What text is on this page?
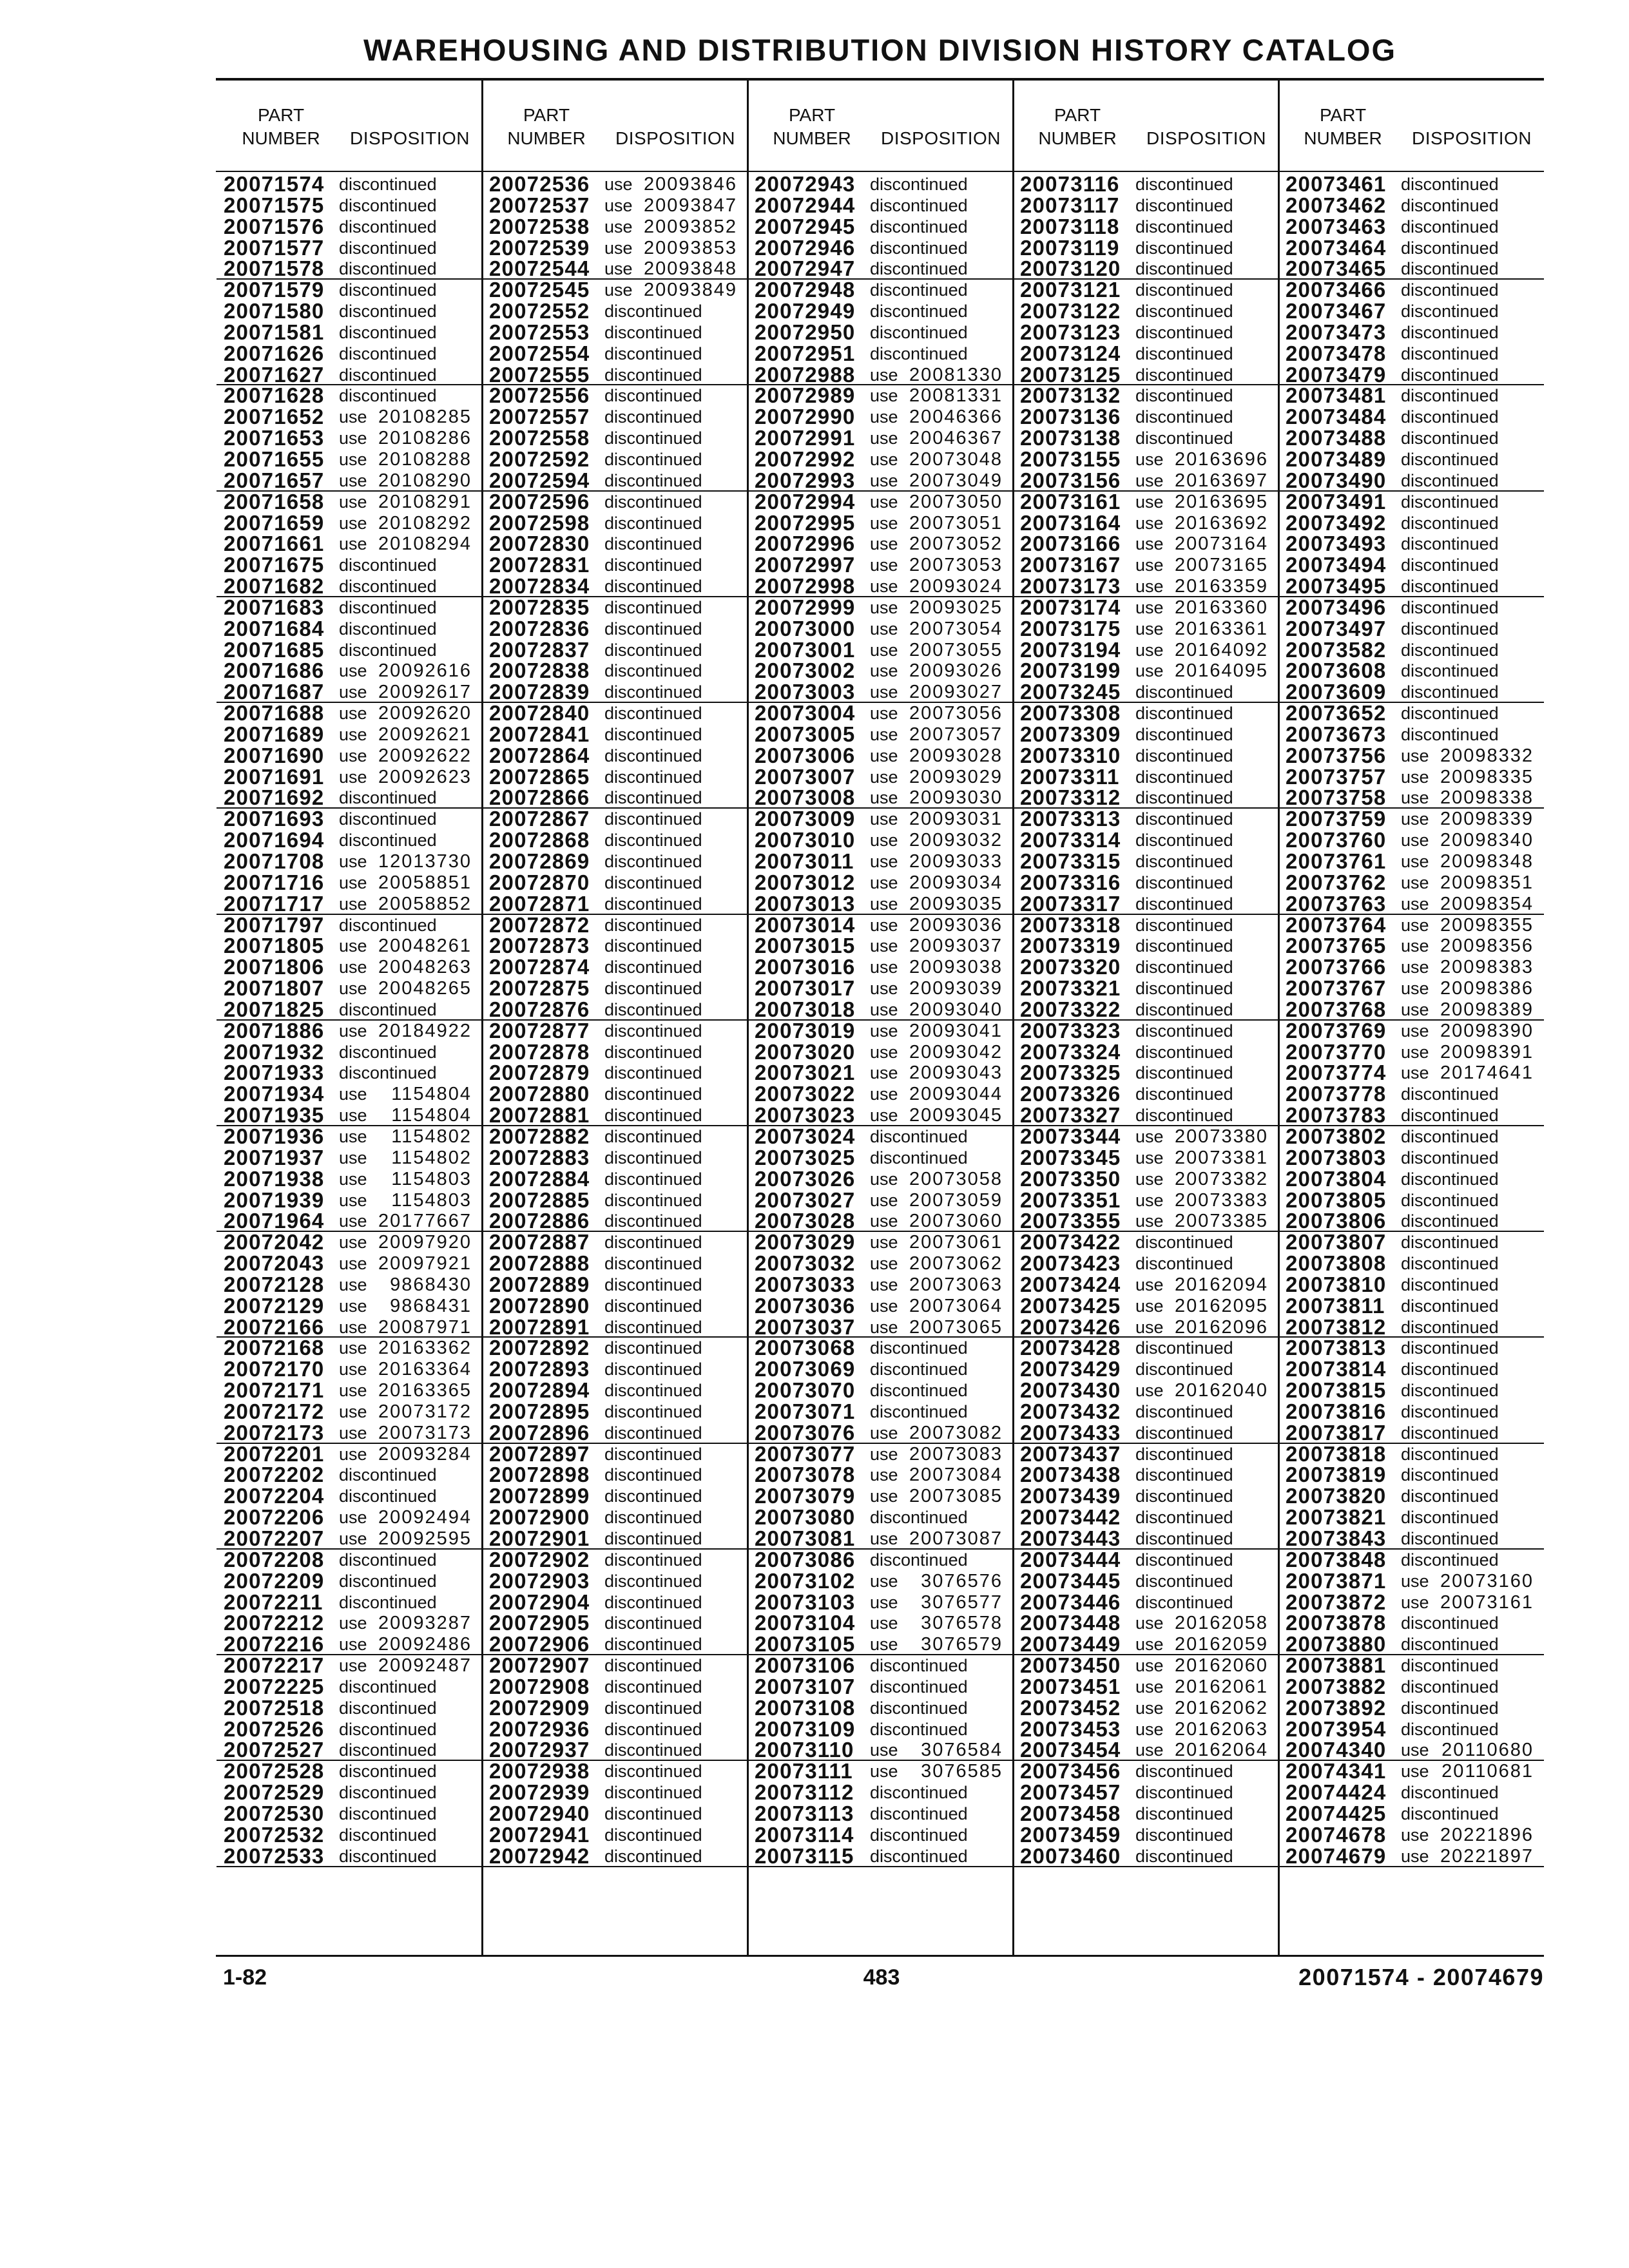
WAREHOUSING AND DISTRIBUTION DIVISION HISTORY CATALOG
PART
NUMBER	DISPOSITION
20071574 discontinued
20071575 discontinued
20071576 discontinued
20071577 discontinued
20071578 discontinued
20071579 discontinued
20071580 discontinued
20071581 discontinued
20071626 discontinued
20071627 discontinued
20071628 discontinued
20071652 use 20108285
20071653 use 20108286
20071655 use 20108288
20071657 use 20108290
20071658 use 20108291
20071659 use 20108292
20071661 use 20108294
20071675 discontinued
20071682 discontinued
20071683 discontinued
20071684 discontinued
20071685 discontinued
20071686 use 20092616
20071687 use 20092617
20071688 use 20092620
20071689 use 20092621
20071690 use 20092622
20071691 use 20092623
20071692 discontinued
20071693 discontinued
20071694 discontinued
20071708 use 12013730
20071716 use 20058851
20071717 use 20058852
20071797 discontinued
20071805 use 20048261
20071806 use 20048263
20071807 use 20048265
20071825 discontinued
20071886 use 20184922
20071932 discontinued
20071933 discontinued
20071934 use 1154804
20071935 use 1154804
20071936 use 1154802
20071937 use 1154802
20071938 use 1154803
20071939 use 1154803
20071964 use 20177667
20072042 use 20097920
20072043 use 20097921
20072128 use 9868430
20072129 use 9868431
20072166 use 20087971
20072168 use 20163362
20072170 use 20163364
20072171 use 20163365
20072172 use 20073172
20072173 use 20073173
20072201 use 20093284
20072202 discontinued
20072204 discontinued
20072206 use 20092494
20072207 use 20092595
20072208 discontinued
20072209 discontinued
20072211 discontinued
20072212 use 20093287
20072216 use 20092486
20072217 use 20092487
20072225 discontinued
20072518 discontinued
20072526 discontinued
20072527 discontinued
20072528 discontinued
20072529 discontinued
20072530 discontinued
20072532 discontinued
20072533 discontinued
PART
NUMBER	DISPOSITION
20072536 use 20093846
20072537 use 20093847
20072538 use 20093852
20072539 use 20093853
20072544 use 20093848
20072545 use 20093849
20072552 discontinued
20072553 discontinued
20072554 discontinued
20072555 discontinued
20072556 discontinued
20072557 discontinued
20072558 discontinued
20072592 discontinued
20072594 discontinued
20072596 discontinued
20072598 discontinued
20072830 discontinued
20072831 discontinued
20072834 discontinued
20072835 discontinued
20072836 discontinued
20072837 discontinued
20072838 discontinued
20072839 discontinued
20072840 discontinued
20072841 discontinued
20072864 discontinued
20072865 discontinued
20072866 discontinued
20072867 discontinued
20072868 discontinued
20072869 discontinued
20072870 discontinued
20072871 discontinued
20072872 discontinued
20072873 discontinued
20072874 discontinued
20072875 discontinued
20072876 discontinued
20072877 discontinued
20072878 discontinued
20072879 discontinued
20072880 discontinued
20072881 discontinued
20072882 discontinued
20072883 discontinued
20072884 discontinued
20072885 discontinued
20072886 discontinued
20072887 discontinued
20072888 discontinued
20072889 discontinued
20072890 discontinued
20072891 discontinued
20072892 discontinued
20072893 discontinued
20072894 discontinued
20072895 discontinued
20072896 discontinued
20072897 discontinued
20072898 discontinued
20072899 discontinued
20072900 discontinued
20072901 discontinued
20072902 discontinued
20072903 discontinued
20072904 discontinued
20072905 discontinued
20072906 discontinued
20072907 discontinued
20072908 discontinued
20072909 discontinued
20072936 discontinued
20072937 discontinued
20072938 discontinued
20072939 discontinued
20072940 discontinued
20072941 discontinued
20072942 discontinued
PART
NUMBER	DISPOSITION
20072943 discontinued
20072944 discontinued
20072945 discontinued
20072946 discontinued
20072947 discontinued
20072948 discontinued
20072949 discontinued
20072950 discontinued
20072951 discontinued
20072988 use 20081330
20072989 use 20081331
20072990 use 20046366
20072991 use 20046367
20072992 use 20073048
20072993 use 20073049
20072994 use 20073050
20072995 use 20073051
20072996 use 20073052
20072997 use 20073053
20072998 use 20093024
20072999 use 20093025
20073000 use 20073054
20073001 use 20073055
20073002 use 20093026
20073003 use 20093027
20073004 use 20073056
20073005 use 20073057
20073006 use 20093028
20073007 use 20093029
20073008 use 20093030
20073009 use 20093031
20073010 use 20093032
20073011 use 20093033
20073012 use 20093034
20073013 use 20093035
20073014 use 20093036
20073015 use 20093037
20073016 use 20093038
20073017 use 20093039
20073018 use 20093040
20073019 use 20093041
20073020 use 20093042
20073021 use 20093043
20073022 use 20093044
20073023 use 20093045
20073024 discontinued
20073025 discontinued
20073026 use 20073058
20073027 use 20073059
20073028 use 20073060
20073029 use 20073061
20073032 use 20073062
20073033 use 20073063
20073036 use 20073064
20073037 use 20073065
20073068 discontinued
20073069 discontinued
20073070 discontinued
20073071 discontinued
20073076 use 20073082
20073077 use 20073083
20073078 use 20073084
20073079 use 20073085
20073080 discontinued
20073081 use 20073087
20073086 discontinued
20073102 use 3076576
20073103 use 3076577
20073104 use 3076578
20073105 use 3076579
20073106 discontinued
20073107 discontinued
20073108 discontinued
20073109 discontinued
20073110 use 3076584
20073111 use 3076585
20073112 discontinued
20073113 discontinued
20073114 discontinued
20073115 discontinued
PART
NUMBER	DISPOSITION
20073116 discontinued
20073117 discontinued
20073118 discontinued
20073119 discontinued
20073120 discontinued
20073121 discontinued
20073122 discontinued
20073123 discontinued
20073124 discontinued
20073125 discontinued
20073132 discontinued
20073136 discontinued
20073138 discontinued
20073155 use 20163696
20073156 use 20163697
20073161 use 20163695
20073164 use 20163692
20073166 use 20073164
20073167 use 20073165
20073173 use 20163359
20073174 use 20163360
20073175 use 20163361
20073194 use 20164092
20073199 use 20164095
20073245 discontinued
20073308 discontinued
20073309 discontinued
20073310 discontinued
20073311 discontinued
20073312 discontinued
20073313 discontinued
20073314 discontinued
20073315 discontinued
20073316 discontinued
20073317 discontinued
20073318 discontinued
20073319 discontinued
20073320 discontinued
20073321 discontinued
20073322 discontinued
20073323 discontinued
20073324 discontinued
20073325 discontinued
20073326 discontinued
20073327 discontinued
20073344 use 20073380
20073345 use 20073381
20073350 use 20073382
20073351 use 20073383
20073355 use 20073385
20073422 discontinued
20073423 discontinued
20073424 use 20162094
20073425 use 20162095
20073426 use 20162096
20073428 discontinued
20073429 discontinued
20073430 use 20162040
20073432 discontinued
20073433 discontinued
20073437 discontinued
20073438 discontinued
20073439 discontinued
20073442 discontinued
20073443 discontinued
20073444 discontinued
20073445 discontinued
20073446 discontinued
20073448 use 20162058
20073449 use 20162059
20073450 use 20162060
20073451 use 20162061
20073452 use 20162062
20073453 use 20162063
20073454 use 20162064
20073456 discontinued
20073457 discontinued
20073458 discontinued
20073459 discontinued
20073460 discontinued
PART
NUMBER	DISPOSITION
20073461 discontinued
20073462 discontinued
20073463 discontinued
20073464 discontinued
20073465 discontinued
20073466 discontinued
20073467 discontinued
20073473 discontinued
20073478 discontinued
20073479 discontinued
20073481 discontinued
20073484 discontinued
20073488 discontinued
20073489 discontinued
20073490 discontinued
20073491 discontinued
20073492 discontinued
20073493 discontinued
20073494 discontinued
20073495 discontinued
20073496 discontinued
20073497 discontinued
20073582 discontinued
20073608 discontinued
20073609 discontinued
20073652 discontinued
20073673 discontinued
20073756 use 20098332
20073757 use 20098335
20073758 use 20098338
20073759 use 20098339
20073760 use 20098340
20073761 use 20098348
20073762 use 20098351
20073763 use 20098354
20073764 use 20098355
20073765 use 20098356
20073766 use 20098383
20073767 use 20098386
20073768 use 20098389
20073769 use 20098390
20073770 use 20098391
20073774 use 20174641
20073778 discontinued
20073783 discontinued
20073802 discontinued
20073803 discontinued
20073804 discontinued
20073805 discontinued
20073806 discontinued
20073807 discontinued
20073808 discontinued
20073810 discontinued
20073811 discontinued
20073812 discontinued
20073813 discontinued
20073814 discontinued
20073815 discontinued
20073816 discontinued
20073817 discontinued
20073818 discontinued
20073819 discontinued
20073820 discontinued
20073821 discontinued
20073843 discontinued
20073848 discontinued
20073871 use 20073160
20073872 use 20073161
20073878 discontinued
20073880 discontinued
20073881 discontinued
20073882 discontinued
20073892 discontinued
20073954 discontinued
20074340 use 20110680
20074341 use 20110681
20074424 discontinued
20074425 discontinued
20074678 use 20221896
20074679 use 20221897
1-82	483	20071574 - 20074679
